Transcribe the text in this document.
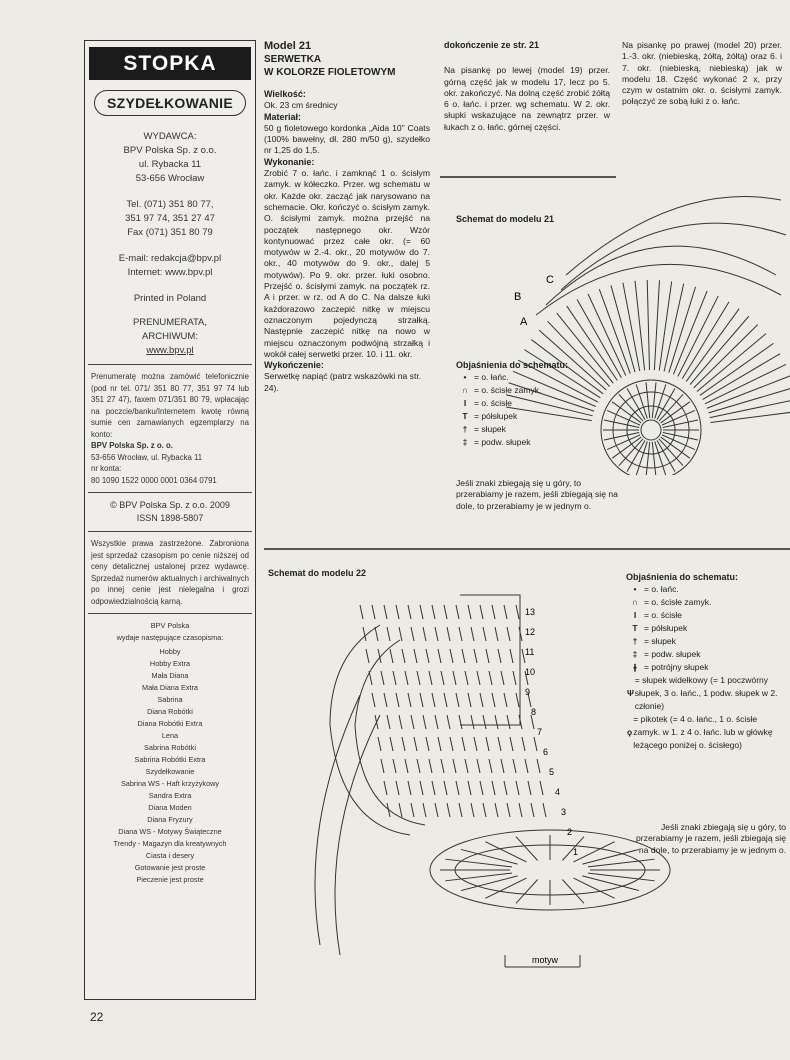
STOPKA
SZYDEŁKOWANIE
WYDAWCA:
BPV Polska Sp. z o.o.
ul. Rybacka 11
53-656 Wrocław
Tel. (071) 351 80 77,
351 97 74, 351 27 47
Fax (071) 351 80 79
E-mail: redakcja@bpv.pl
Internet: www.bpv.pl
Printed in Poland
PRENUMERATA,
ARCHIWUM:
www.bpv.pl
Prenumeratę można zamówić telefonicznie (pod nr tel. 071/ 351 80 77, 351 97 74 lub 351 27 47), faxem 071/351 80 79, wpłacając na poczcie/banku/Internetem kwotę równą sumie cen zamawianych egzemplarzy na konto:
BPV Polska Sp. z o. o.
53-656 Wrocław, ul. Rybacka 11
nr konta:
80 1090 1522 0000 0001 0364 0791
© BPV Polska Sp. z o.o. 2009
ISSN 1898-5807
Wszystkie prawa zastrzeżone. Zabroniona jest sprzedaż czasopism po cenie niższej od ceny detalicznej ustalonej przez wydawcę. Sprzedaż numerów aktualnych i archiwalnych po innej cenie jest nielegalna i grozi odpowiedzialnością karną.
BPV Polska
wydaje następujące czasopisma:
Hobby
Hobby Extra
Mała Diana
Mała Diana Extra
Sabrina
Diana Robótki
Diana Robótki Extra
Lena
Sabrina Robótki
Sabrina Robótki Extra
Szydełkowanie
Sabrina WS - Haft krzyżykowy
Sandra Extra
Diana Moden
Diana Fryzury
Diana WS - Motywy Świąteczne
Trendy - Magazyn dla kreatywnych
Ciasta i desery
Gotowanie jest proste
Pieczenie jest proste
Model 21
SERWETKA
W KOLORZE FIOLETOWYM
Wielkość:
Ok. 23 cm średnicy
Materiał:
50 g fioletowego kordonka „Aida 10” Coats (100% bawełny, dł. 280 m/50 g), szydełko nr 1,25 do 1,5.
Wykonanie:
Zrobić 7 o. łańc. i zamknąć 1 o. ścisłym zamyk. w kółeczko. Przer. wg schematu w okr. Każde okr. zacząć jak narysowano na schemacie. Okr. kończyć o. ścisłym zamyk. O. ścisłymi zamyk. można przejść na początek następnego okr. Wzór kontynuować przez całe okr. (= 60 motywów w 2.-4. okr., 20 motywów do 7. okr., 40 motywów do 9. okr., dalej 5 motywów). Po 9. okr. przer. łuki osobno. Przejść o. ścisłymi zamyk. na początek rz. A i przer. w rz. od A do C. Na dalsze łuki każdorazowo zaczepić nitkę w miejscu oznaczonym pojedynczą strzałką. Następnie zaczepić nitkę na nowo w miejscu oznaczonym podwójną strzałką i wokół całej serwetki przer. 10. i 11. okr.
Wykończenie:
Serwetkę napiąć (patrz wskazówki na str. 24).
dokończenie ze str. 21
Na pisankę po lewej (model 19) przer. górną część jak w modelu 17, lecz po 5. okr. zakończyć. Na dolną część zrobić żółtą 6 o. łańc. i przer. wg schematu. W 2. okr. słupki wskazujące na zewnątrz przer. w łukach z o. łańc. górnej części.
Na pisankę po prawej (model 20) przer. 1.-3. okr. (niebieską, żółtą, żółtą) oraz 6. i 7. okr. (niebieską, niebieską) jak w modelu 18. Część wykonać 2 x, przy czym w ostatnim okr. o. ścisłymi zamyk. połączyć ze sobą łuki z o. łańc.
Schemat do modelu 21
B
A
C
Objaśnienia do schematu:
• = o. łańc.
∩ = o. ścisłe zamyk.
I = o. ścisłe
T = półsłupek
† = słupek
‡ = podw. słupek
Jeśli znaki zbiegają się u góry, to przerabiamy je razem, jeśli zbiegają się na dole, to przerabiamy je w jednym o.
Schemat do modelu 22
motyw
13
12
11
10
9
8
7
6
5
4
3
2
1
Objaśnienia do schematu:
• = o. łańc.
∩ = o. ścisłe zamyk.
I = o. ścisłe
T = półsłupek
† = słupek
‡ = podw. słupek
⫳ = potrójny słupek
Ψ
= słupek widełkowy (= 1 poczwórny słupek, 3 o. łańc., 1 podw. słupek w 2. członie)
ϙ
= pikotek (= 4 o. łańc., 1 o. ścisłe zamyk. w 1. z 4 o. łańc. lub w główkę leżącego poniżej o. ścisłego)
Jeśli znaki zbiegają się u góry, to przerabiamy je razem, jeśli zbiegają się na dole, to przerabiamy je w jednym o.
22
